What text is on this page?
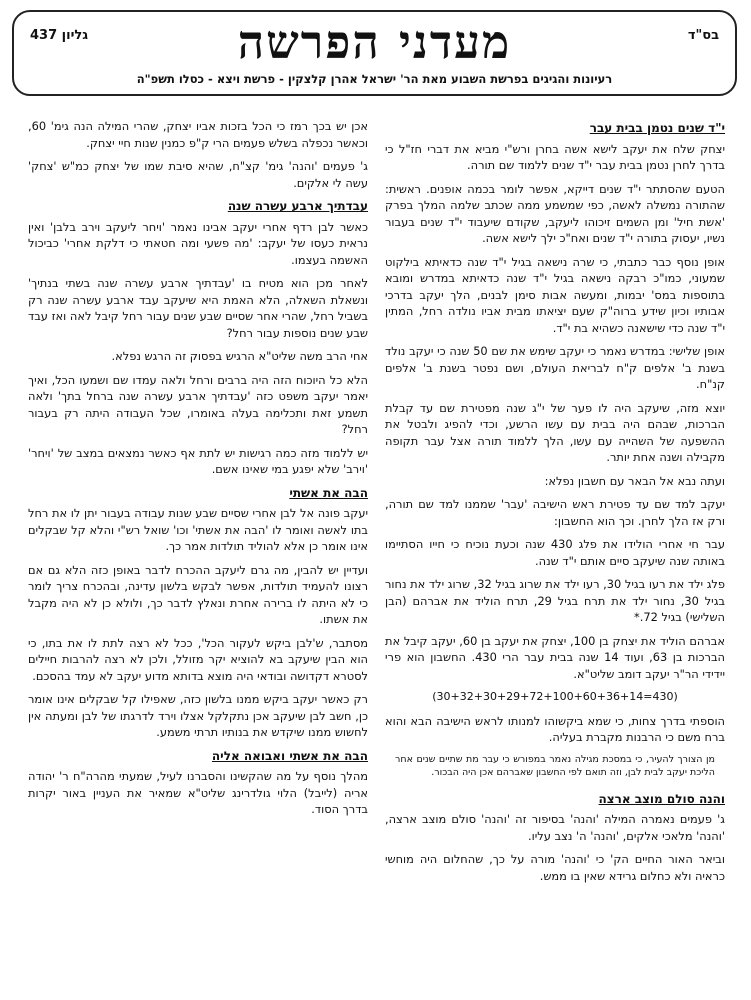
בס"ד
גליון 437	מעדני הפרשה
רעיונות והגיגים בפרשת השבוע מאת הר' ישראל אהרן קלצקין - פרשת ויצא - כסלו תשפ"ה
י"ד שנים נטמן בבית עבר

יצחק שלח את יעקב לישא אשה בחרן ורש"י מביא את דברי חז"ל כי בדרך לחרן נטמן בבית עבר י"ד שנים ללמוד שם תורה.

הטעם שהסתתר י"ד שנים דייקא, אפשר לומר בכמה אופנים. ראשית: שהתורה נמשלה לאשה, כפי שמשמע ממה שכתב שלמה המלך בפרק 'אשת חיל' ומן השמים זיכוהו ליעקב, שקודם שיעבוד י"ד שנים בעבור נשיו, יעסוק בתורה י"ד שנים ואח"כ ילך לישא אשה.

אופן נוסף כבר כתבתי, כי שרה נישאה בגיל י"ד שנה כדאיתא בילקוט שמעוני, כמו"כ רבקה נישאה בגיל י"ד שנה כדאיתא במדרש ומובא בתוספות במס' יבמות, ומעשה אבות סימן לבנים, הלך יעקב בדרכי אבותיו וכיון שידע ברוה"ק שעם יציאתו מבית אביו נולדה רחל, המתין י"ד שנה כדי שישאנה כשהיא בת י"ד.

אופן שלישי: במדרש נאמר כי יעקב שימש את שם 50 שנה כי יעקב נולד בשנת ב' אלפים ק"ח לבריאת העולם, ושם נפטר בשנת ב' אלפים קנ"ח.

יוצא מזה, שיעקב היה לו פער של י"ג שנה מפטירת שם עד קבלת הברכות, שבהם היה בבית עם עשו הרשע, וכדי להפיג ולבטל את ההשפעה של השהייה עם עשו, הלך ללמוד תורה אצל עבר תקופה מקבילה ושנה אחת יותר.

ועתה נבא אל הבאר עם חשבון נפלא:

יעקב למד שם עד פטירת ראש הישיבה 'עבר' שממנו למד שם תורה, ורק אז הלך לחרן. וכך הוא החשבון:

עבר חי אחרי הולידו את פלג 430 שנה וכעת נוכיח כי חייו הסתיימו באותה שנה שיעקב סיים אותם י"ד שנה.

פלג ילד את רעו בגיל 30, רעו ילד את שרוג בגיל 32, שרוג ילד את נחור בגיל 30, נחור ילד את תרח בגיל 29, תרח הוליד את אברהם (הבן השלישי) בגיל 72.*

אברהם הוליד את יצחק בן 100, יצחק את יעקב בן 60, יעקב קיבל את הברכות בן 63, ועוד 14 שנה בבית עבר הרי 430. החשבון הוא פרי יידידי הר"ר יעקב דומב שליט"א.

(30+32+30+29+72+100+60+36+14=430)

הוספתי בדרך צחות, כי שמא ביקשוהו למנותו לראש הישיבה הבא והוא ברח משם כי הרבנות מקברת בעליה.

מן הצורך להעיר, כי במסכת מגילה נאמר במפורש כי עבר מת שתיים שנים אחר הליכת יעקב לבית לבן, וזה תואם לפי החשבון שאברהם אכן היה הבכור.

והנה סולם מוצב ארצה

ג' פעמים נאמרה המילה 'והנה' בסיפור זה 'והנה' סולם מוצב ארצה, 'והנה' מלאכי אלקים, 'והנה' ה' נצב עליו.

וביאר האור החיים הק' כי 'והנה' מורה על כך, שהחלום היה מוחשי כראיה ולא כחלום גרידא שאין בו ממש.

אכן יש בכך רמז כי הכל בזכות אביו יצחק, שהרי המילה הנה גימ' 60, וכאשר נכפלה בשלש פעמים הרי ק"פ כמנין שנות חיי יצחק.

ג' פעמים 'והנה' גימ' קצ"ח, שהיא סיבת שמו של יצחק כמ"ש 'צחק' עשה לי אלקים.

עבדתיך ארבע עשרה שנה

כאשר לבן רדף אחרי יעקב אבינו נאמר 'ויחר ליעקב וירב בלבן' ואין נראית כעסו של יעקב: 'מה פשעי ומה חטאתי כי דלקת אחרי' כביכול האשמה בעצמו.

לאחר מכן הוא מטיח בו 'עבדתיך ארבע עשרה שנה בשתי בנתיך' ונשאלת השאלה, הלא האמת היא שיעקב עבד ארבע עשרה שנה רק בשביל רחל, שהרי אחר שסיים שבע שנים עבור רחל קיבל לאה ואז עבד שבע שנים נוספות עבור רחל?

אחי הרב משה שליט"א הרגיש בפסוק זה הרגש נפלא.

הלא כל היוכוח הזה היה ברבים ורחל ולאה עמדו שם ושמעו הכל, ואיך יאמר יעקב משפט כזה 'עבדתיך ארבע עשרה שנה ברחל בתך' ולאה תשמע זאת ותכלימה בעלה באומרו, שכל העבודה היתה רק בעבור רחל?

יש ללמוד מזה כמה רגישות יש לתת אף כאשר נמצאים במצב של 'ויחר' 'וירב' שלא יפגע במי שאינו אשם.

הבה את אשתי

יעקב פונה אל לבן אחרי שסיים שבע שנות עבודה בעבור יתן לו את רחל בתו לאשה ואומר לו 'הבה את אשתי' וכו' שואל רש"י והלא קל שבקלים אינו אומר כן אלא להוליד תולדות אמר כך.

ועדיין יש להבין, מה גרם ליעקב ההכרח לדבר באופן כזה הלא גם אם רצונו להעמיד תולדות, אפשר לבקש בלשון עדינה, ובהכרח צריך לומר כי לא היתה לו ברירה אחרת ונאלץ לדבר כך, ולולא כן לא היה מקבל את אשתו.

מסתבר, ש'לבן ביקש לעקור הכל', ככל לא רצה לתת לו את בתו, כי הוא הבין שיעקב בא להוציא יקר מזולל, ולכן לא רצה להרבות חיילים לסטרא דקדושה ובודאי היה מוצא בדותא מדוע יעקב לא עמד בהסכם.

רק כאשר יעקב ביקש ממנו בלשון כזה, שאפילו קל שבקלים אינו אומר כן, חשב לבן שיעקב אכן נתקלקל אצלו וירד לדרגתו של לבן ומעתה אין לחשוש ממנו שיקדש את בנותיו תרתי משמע.

הבה את אשתי ואבואה אליה

מהלך נוסף על מה שהקשינו והסברנו לעיל, שמעתי מהרה"ח ר' יהודה אריה (לייבל) הלוי גולדרינג שליט"א שמאיר את העניין באור יקרות בדרך הסוד.
